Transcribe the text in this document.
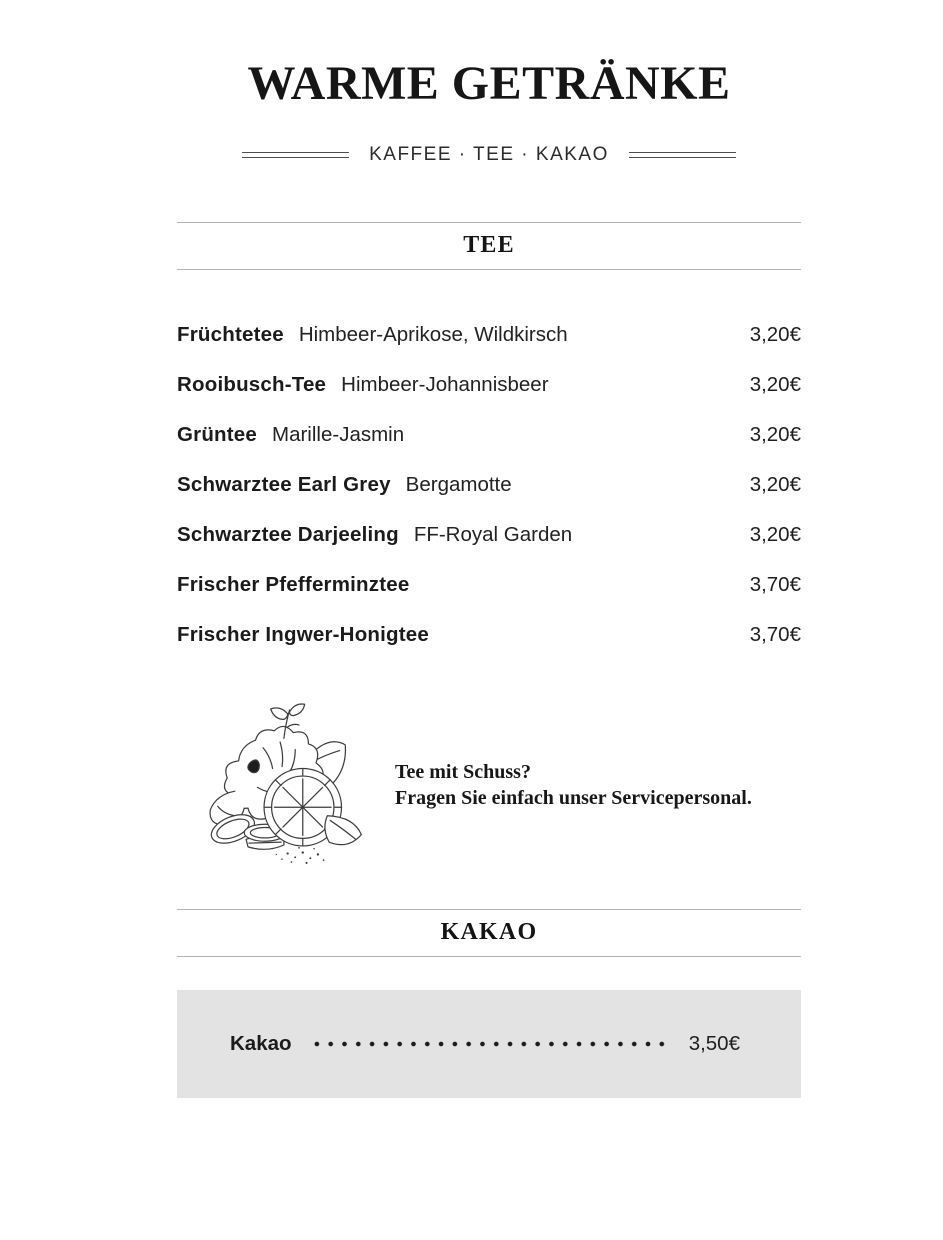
WARME GETRÄNKE
KAFFEE · TEE · KAKAO
TEE
Früchtetee Himbeer-Aprikose, Wildkirsch	3,20€
Rooibusch-Tee Himbeer-Johannisbeer	3,20€
Grüntee Marille-Jasmin	3,20€
Schwarztee Earl Grey Bergamotte	3,20€
Schwarztee Darjeeling FF-Royal Garden	3,20€
Frischer Pfefferminztee	3,70€
Frischer Ingwer-Honigtee	3,70€
Tee mit Schuss?
Fragen Sie einfach unser Servicepersonal.
KAKAO
Kakao	3,50€
